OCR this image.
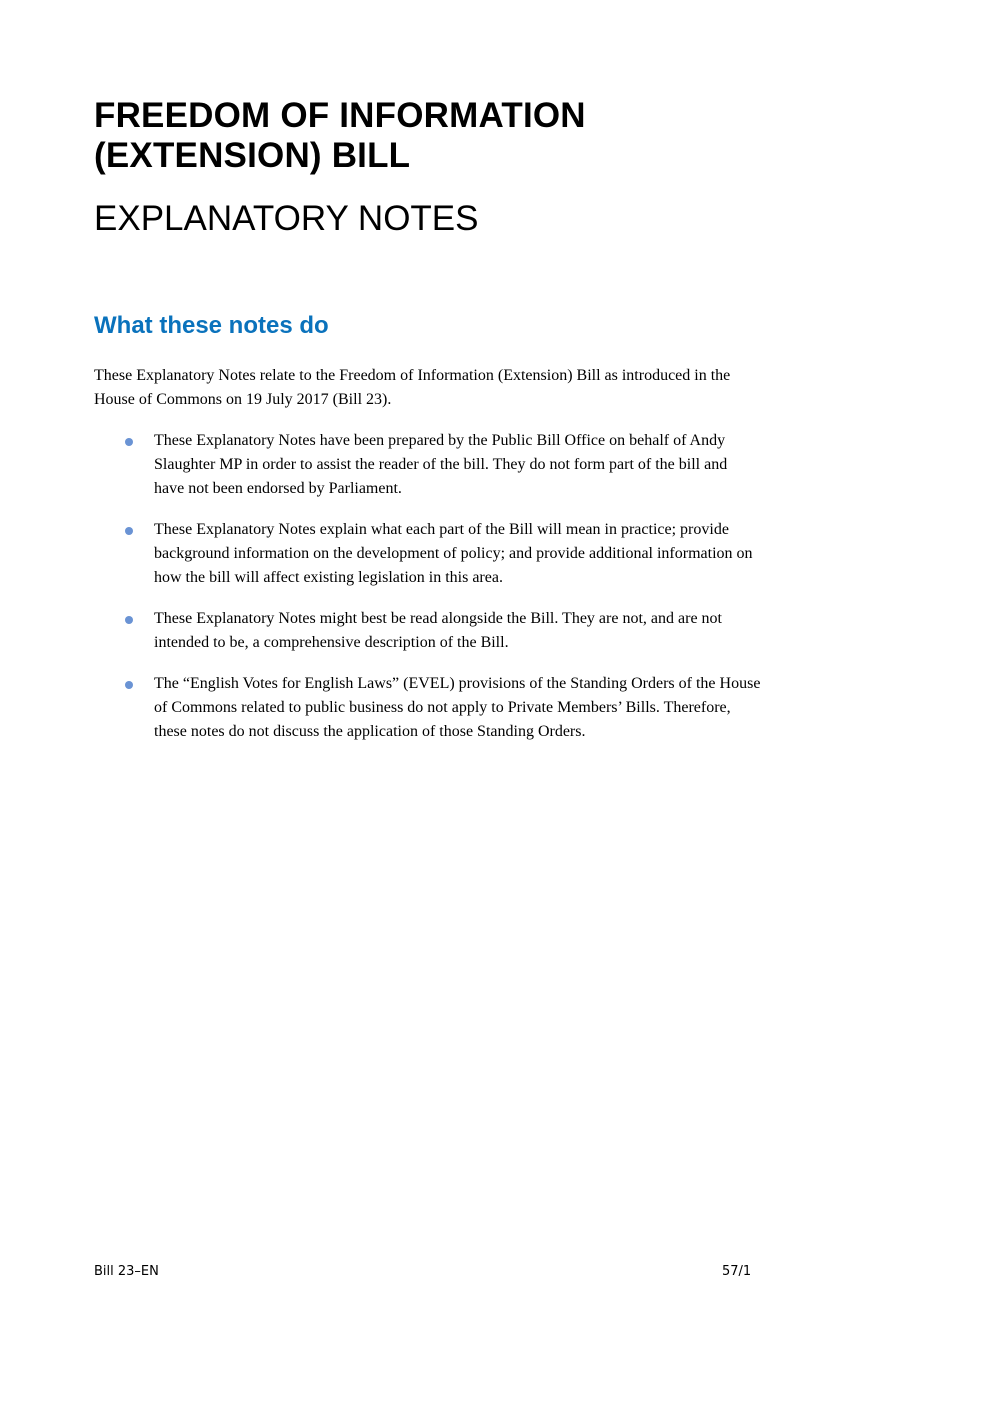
FREEDOM OF INFORMATION
(EXTENSION) BILL
EXPLANATORY NOTES
What these notes do

These Explanatory Notes relate to the Freedom of Information (Extension) Bill as introduced in the
House of Commons on 19 July 2017 (Bill 23).

These Explanatory Notes have been prepared by the Public Bill Office on behalf of Andy
Slaughter MP in order to assist the reader of the bill. They do not form part of the bill and
have not been endorsed by Parliament.
These Explanatory Notes explain what each part of the Bill will mean in practice; provide
background information on the development of policy; and provide additional information on
how the bill will affect existing legislation in this area.
These Explanatory Notes might best be read alongside the Bill. They are not, and are not
intended to be, a comprehensive description of the Bill.
The “English Votes for English Laws” (EVEL) provisions of the Standing Orders of the House
of Commons related to public business do not apply to Private Members’ Bills. Therefore,
these notes do not discuss the application of those Standing Orders.

Bill 23–EN	57/1
